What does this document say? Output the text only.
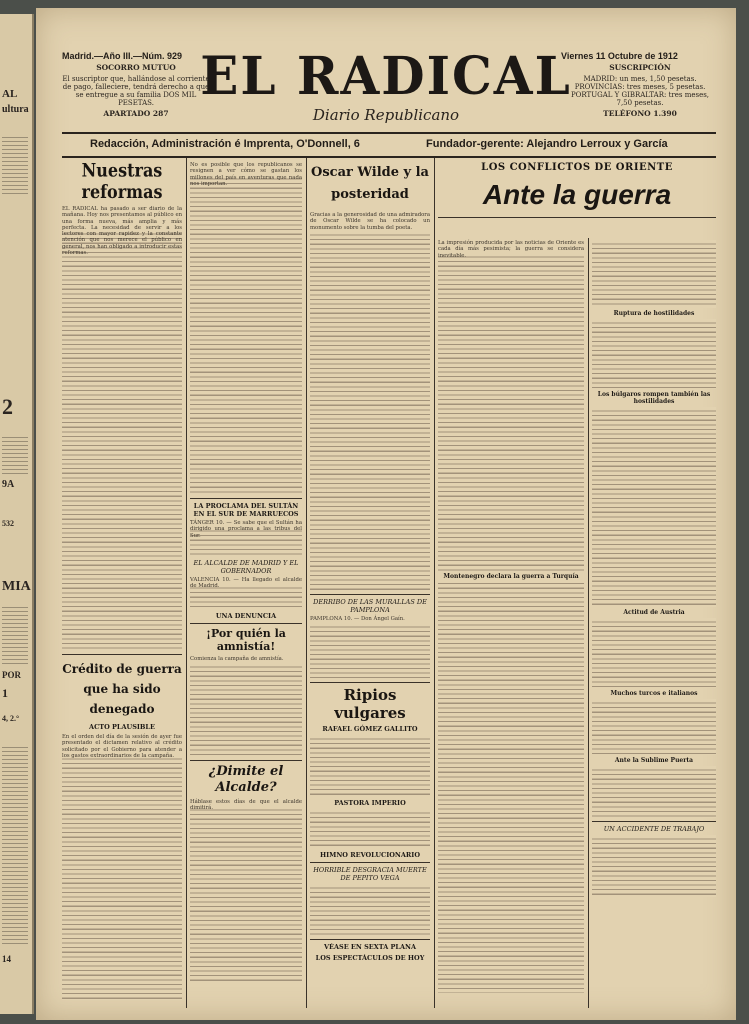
AL
ultura
2
9A
532
MIA
POR
1
4, 2.°
14
Madrid.—Año III.—Núm. 929	Viernes 11 Octubre de 1912
SOCORRO MUTUO
El suscriptor que, hallándose al corriente de pago, falleciere, tendrá derecho a que se entregue a su familia DOS MIL PESETAS.
APARTADO 287
EL RADICAL
Diario Republicano
SUSCRIPCIÓN
MADRID: un mes, 1,50 pesetas. PROVINCIAS: tres meses, 5 pesetas. PORTUGAL Y GIBRALTAR: tres meses, 7,50 pesetas.
TELÉFONO 1.390
Redacción, Administración é Imprenta, O'Donnell, 6	Fundador-gerente: Alejandro Lerroux y García
Nuestras reformas
EL RADICAL ha pasado a ser diario de la mañana. Hoy nos presentamos al público en una forma nueva, más amplia y más perfecta. La necesidad de servir a los lectores con mayor rapidez y la constante atención que nos merece el público en general, nos han obligado a introducir estas reformas.
Crédito de guerra que ha sido denegado
ACTO PLAUSIBLE
En el orden del día de la sesión de ayer fue presentado el dictamen relativo al crédito solicitado por el Gobierno para atender a los gastos extraordinarios de la campaña.
No es posible que los republicanos se resignen a ver cómo se gastan los millones del país en aventuras que nada nos importan.
LA PROCLAMA DEL SULTÁN EN EL SUR DE MARRUECOS
TÁNGER 10. — Se sabe que el Sultán ha dirigido una proclama a las tribus del Sur.
EL ALCALDE DE MADRID Y EL GOBERNADOR
VALENCIA 10. — Ha llegado el alcalde de Madrid.
UNA DENUNCIA
¡Por quién la amnistía!
Comienza la campaña de amnistía.
¿Dimite el Alcalde?
Háblase estos días de que el alcalde dimitirá.
Oscar Wilde y la posteridad
Gracias a la generosidad de una admiradora de Oscar Wilde se ha colocado un monumento sobre la tumba del poeta.
DERRIBO DE LAS MURALLAS DE PAMPLONA
PAMPLONA 10. — Don Ángel Gaín.
Ripios vulgares
RAFAEL GÓMEZ GALLITO
PASTORA IMPERIO
HIMNO REVOLUCIONARIO
HORRIBLE DESGRACIA MUERTE DE PEPITO VEGA
VÉASE EN SEXTA PLANA
LOS ESPECTÁCULOS DE HOY
LOS CONFLICTOS DE ORIENTE
Ante la guerra
La impresión producida por las noticias de Oriente es cada día más pesimista; la guerra se considera inevitable.
Montenegro declara la guerra a Turquía
Ruptura de hostilidades
Los búlgaros rompen también las hostilidades
Actitud de Austria
Muchos turcos e italianos
Ante la Sublime Puerta
UN ACCIDENTE DE TRABAJO
